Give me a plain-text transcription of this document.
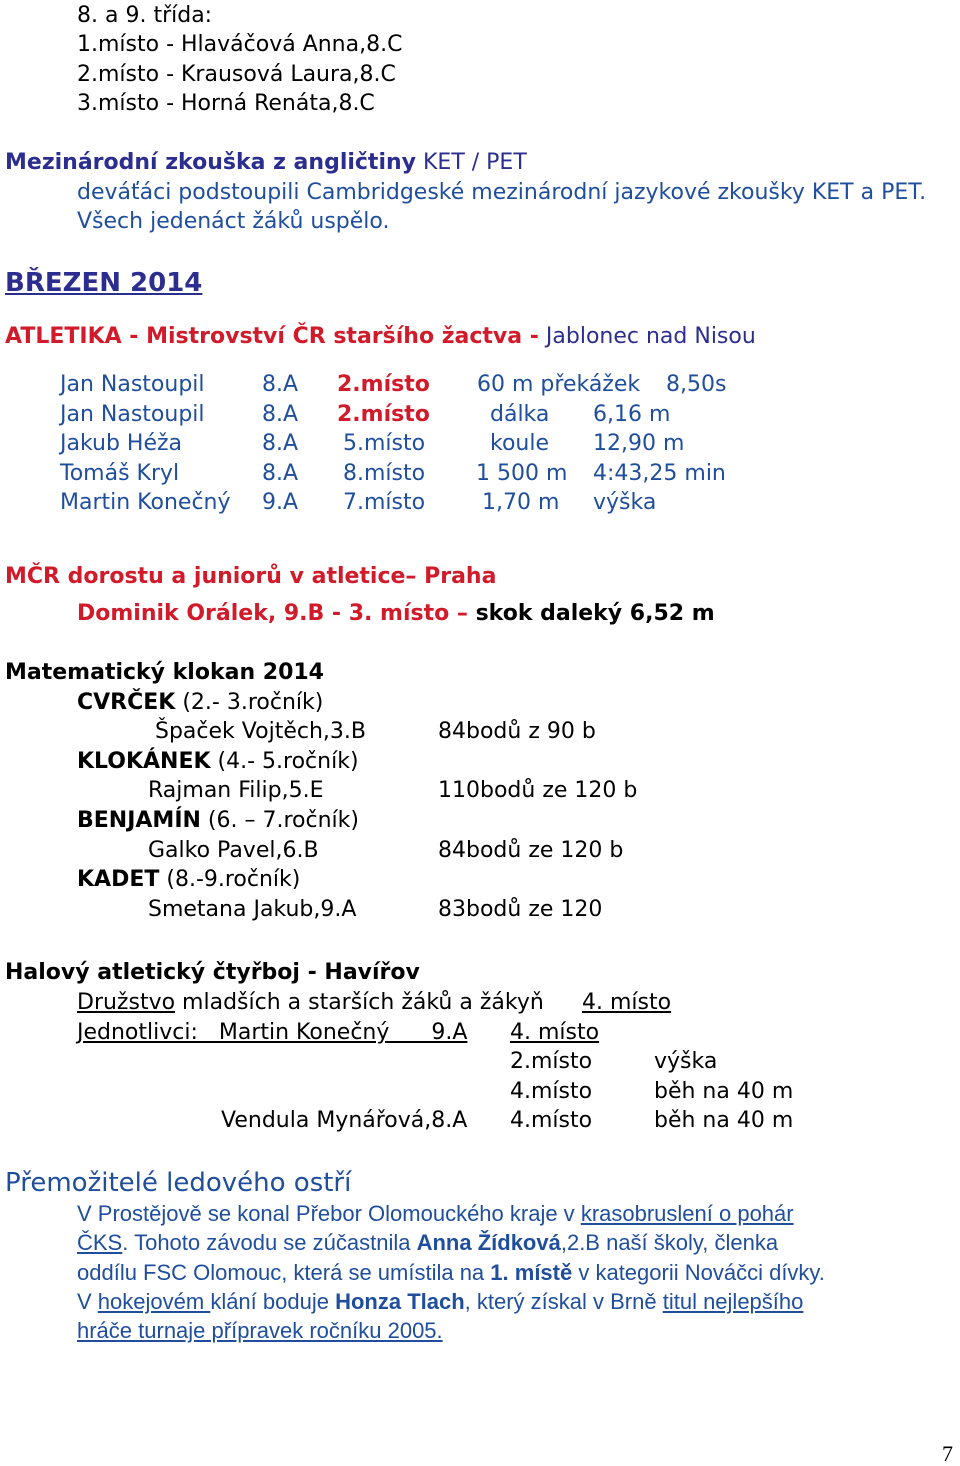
8. a 9. třída:
1.místo - Hlaváčová Anna,8.C
2.místo - Krausová Laura,8.C
3.místo - Horná Renáta,8.C
Mezinárodní zkouška z angličtiny KET / PET
deváťáci podstoupili Cambridgeské mezinárodní jazykové zkoušky KET a PET.
Všech jedenáct žáků uspělo.
BŘEZEN 2014
ATLETIKA - Mistrovství ČR staršího žactva - Jablonec nad Nisou
Jan Nastoupil	8.A 2.místo 60 m překážek 8,50s
Jan Nastoupil	8.A 2.místo	dálka 6,16 m
Jakub Héža	8.A 5.místo	koule 12,90 m
Tomáš Kryl	8.A 8.místo 1 500 m 4:43,25 min
Martin Konečný 9.A 7.místo	1,70 m výška
MČR dorostu a juniorů v atletice– Praha
Dominik Orálek, 9.B - 3. místo – skok daleký 6,52 m
Matematický klokan 2014
CVRČEK (2.- 3.ročník)
Špaček Vojtěch,3.B	84bodů z 90 b
KLOKÁNEK (4.- 5.ročník)
Rajman Filip,5.E	110bodů ze 120 b
BENJAMÍN (6. – 7.ročník)
Galko Pavel,6.B	84bodů ze 120 b
KADET (8.-9.ročník)
Smetana Jakub,9.A	83bodů ze 120
Halový atletický čtyřboj - Havířov
Družstvo mladších a starších žáků a žákyň 4. místo
Jednotlivci:   Martin Konečný      9.A 4. místo
2.místo	výška
4.místo	běh na 40 m
Vendula Mynářová,8.A 4.místo	běh na 40 m
Přemožitelé ledového ostří
V Prostějově se konal Přebor Olomouckého kraje v krasobruslení o pohár
ČKS. Tohoto závodu se zúčastnila Anna Žídková,2.B naší školy, členka
oddílu FSC Olomouc, která se umístila na 1. místě v kategorii Nováčci dívky.
V hokejovém klání boduje Honza Tlach, který získal v Brně titul nejlepšího
hráče turnaje přípravek ročníku 2005.
7
